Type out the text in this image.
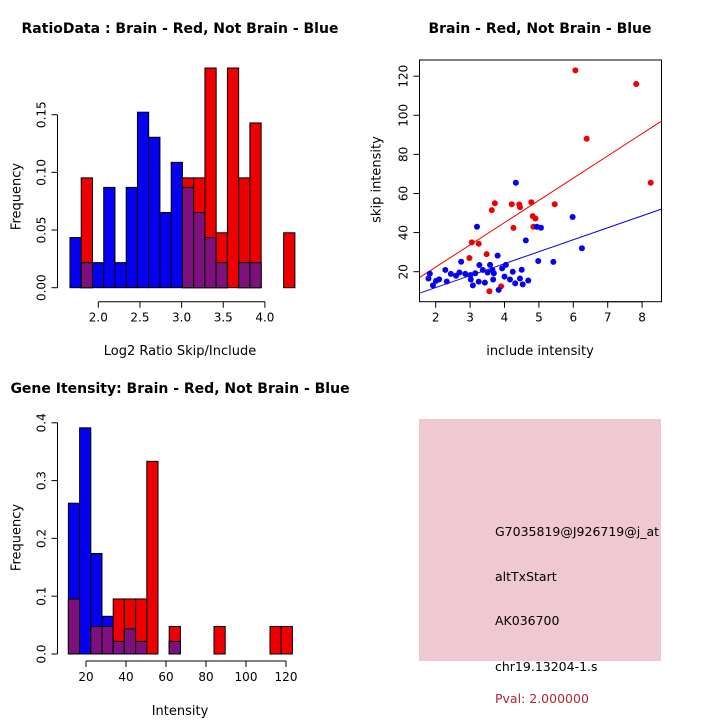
2.0 2.5 3.0 3.5 4.0
0.00
0.05
0.10
0.15
RatioData : Brain - Red, Not Brain - Blue
Frequency
Log2 Ratio Skip/Include
2 3 4 5 6 7 8
20
40
60
80
100
120
Brain - Red, Not Brain - Blue
skip intensity
include intensity
20 40 60 80 100 120
0.0
0.1
0.2
0.3
0.4
Gene Itensity: Brain - Red, Not Brain - Blue
Frequency
Intensity
G7035819@J926719@j_at
altTxStart
AK036700
chr19.13204-1.s
Pval: 2.000000
